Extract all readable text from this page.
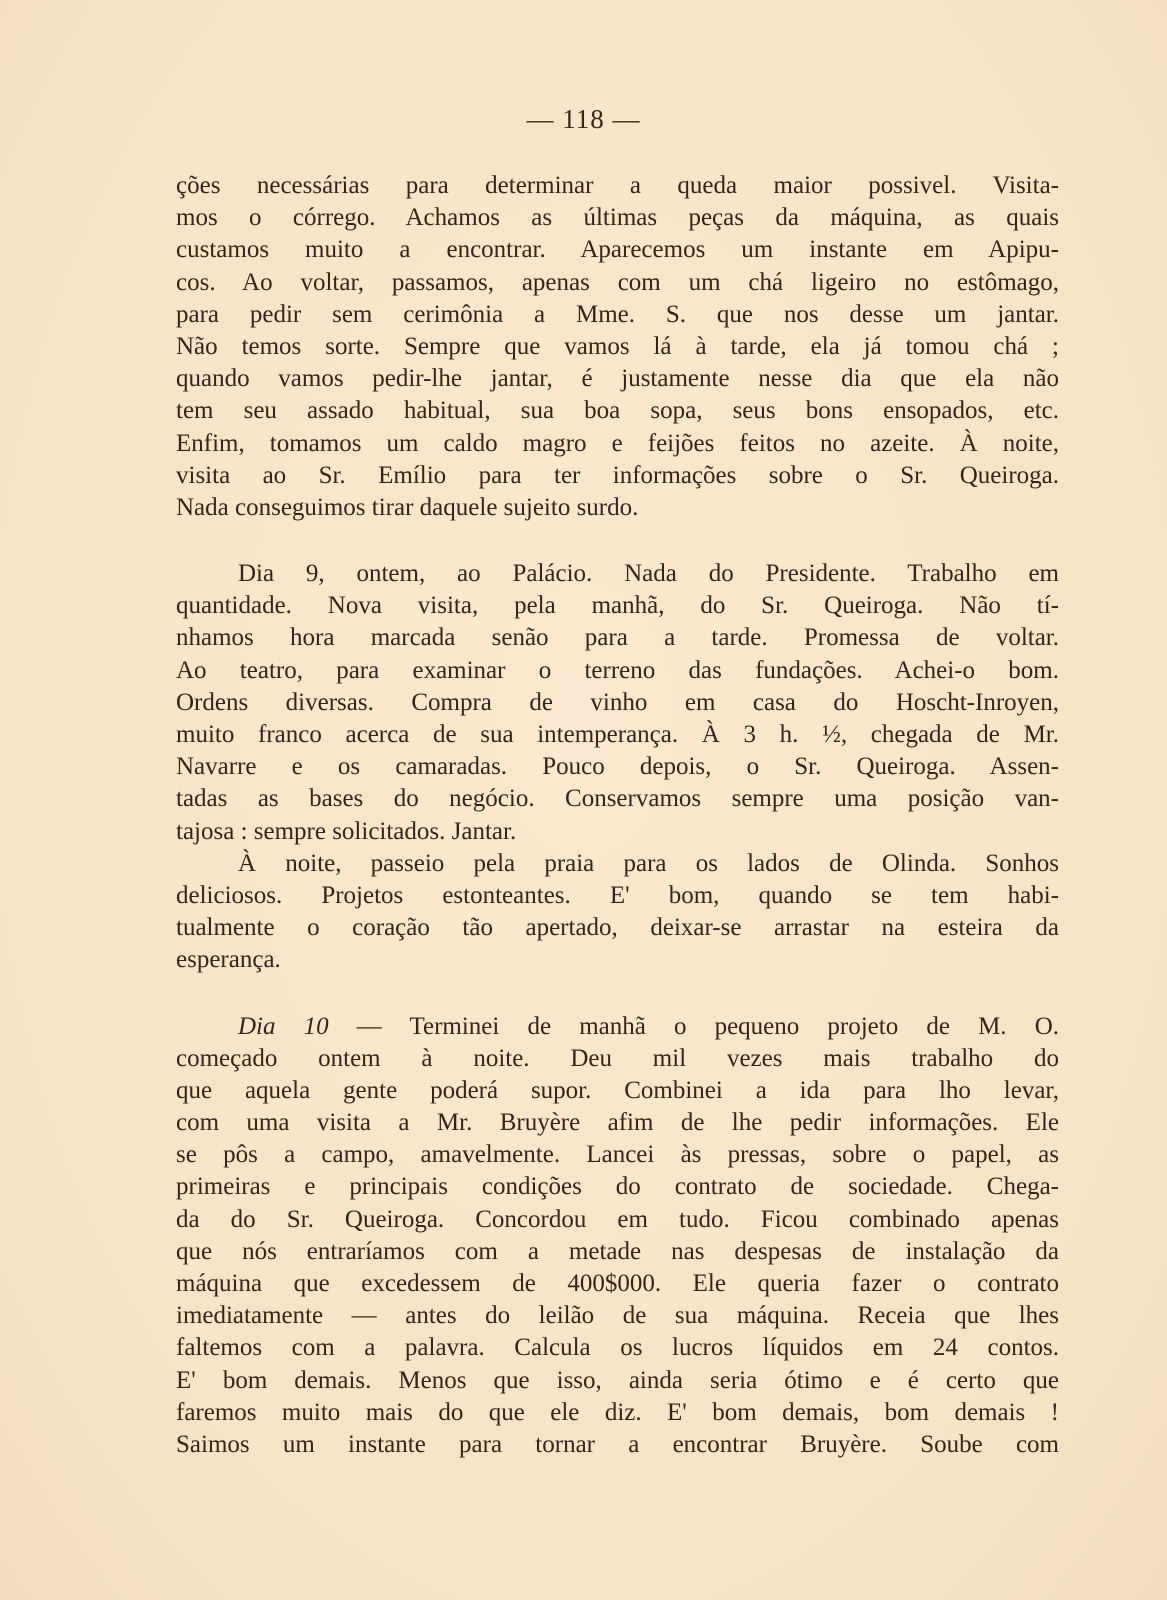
— 118 —
ções necessárias para determinar a queda maior possivel. Visita-
mos o córrego. Achamos as últimas peças da máquina, as quais
custamos muito a encontrar. Aparecemos um instante em Apipu-
cos. Ao voltar, passamos, apenas com um chá ligeiro no estômago,
para pedir sem cerimônia a Mme. S. que nos desse um jantar.
Não temos sorte. Sempre que vamos lá à tarde, ela já tomou chá ;
quando vamos pedir-lhe jantar, é justamente nesse dia que ela não
tem seu assado habitual, sua boa sopa, seus bons ensopados, etc.
Enfim, tomamos um caldo magro e feijões feitos no azeite. À noite,
visita ao Sr. Emílio para ter informações sobre o Sr. Queiroga.
Nada conseguimos tirar daquele sujeito surdo.
Dia 9, ontem, ao Palácio. Nada do Presidente. Trabalho em
quantidade. Nova visita, pela manhã, do Sr. Queiroga. Não tí-
nhamos hora marcada senão para a tarde. Promessa de voltar.
Ao teatro, para examinar o terreno das fundações. Achei-o bom.
Ordens diversas. Compra de vinho em casa do Hoscht-Inroyen,
muito franco acerca de sua intemperança. À 3 h. ½, chegada de Mr.
Navarre e os camaradas. Pouco depois, o Sr. Queiroga. Assen-
tadas as bases do negócio. Conservamos sempre uma posição van-
tajosa : sempre solicitados. Jantar.
À noite, passeio pela praia para os lados de Olinda. Sonhos
deliciosos. Projetos estonteantes. E' bom, quando se tem habi-
tualmente o coração tão apertado, deixar-se arrastar na esteira da
esperança.
Dia 10 — Terminei de manhã o pequeno projeto de M. O.
começado ontem à noite. Deu mil vezes mais trabalho do
que aquela gente poderá supor. Combinei a ida para lho levar,
com uma visita a Mr. Bruyère afim de lhe pedir informações. Ele
se pôs a campo, amavelmente. Lancei às pressas, sobre o papel, as
primeiras e principais condições do contrato de sociedade. Chega-
da do Sr. Queiroga. Concordou em tudo. Ficou combinado apenas
que nós entraríamos com a metade nas despesas de instalação da
máquina que excedessem de 400$000. Ele queria fazer o contrato
imediatamente — antes do leilão de sua máquina. Receia que lhes
faltemos com a palavra. Calcula os lucros líquidos em 24 contos.
E' bom demais. Menos que isso, ainda seria ótimo e é certo que
faremos muito mais do que ele diz. E' bom demais, bom demais !
Saimos um instante para tornar a encontrar Bruyère. Soube com
